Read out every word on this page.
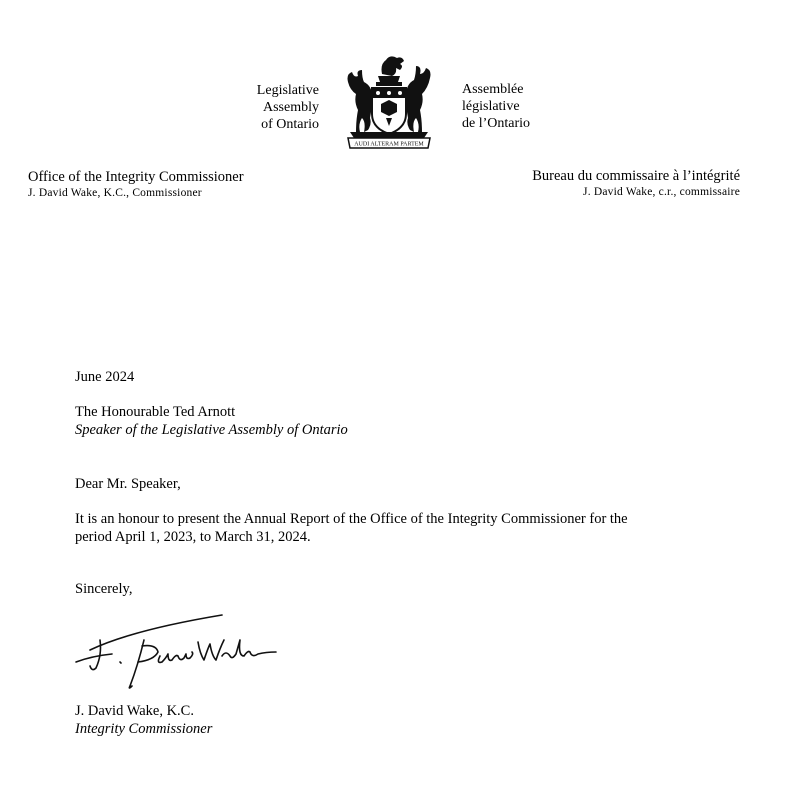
Legislative
Assembly
of Ontario
AUDI ALTERAM PARTEM
Assemblée
législative
de l’Ontario
Office of the Integrity Commissioner
J. David Wake, K.C., Commissioner
Bureau du commissaire à l’intégrité
J. David Wake, c.r., commissaire
June 2024
The Honourable Ted Arnott
Speaker of the Legislative Assembly of Ontario
Dear Mr. Speaker,
It is an honour to present the Annual Report of the Office of the Integrity Commissioner for the
period April 1, 2023, to March 31, 2024.
Sincerely,
J. David Wake, K.C.
Integrity Commissioner
